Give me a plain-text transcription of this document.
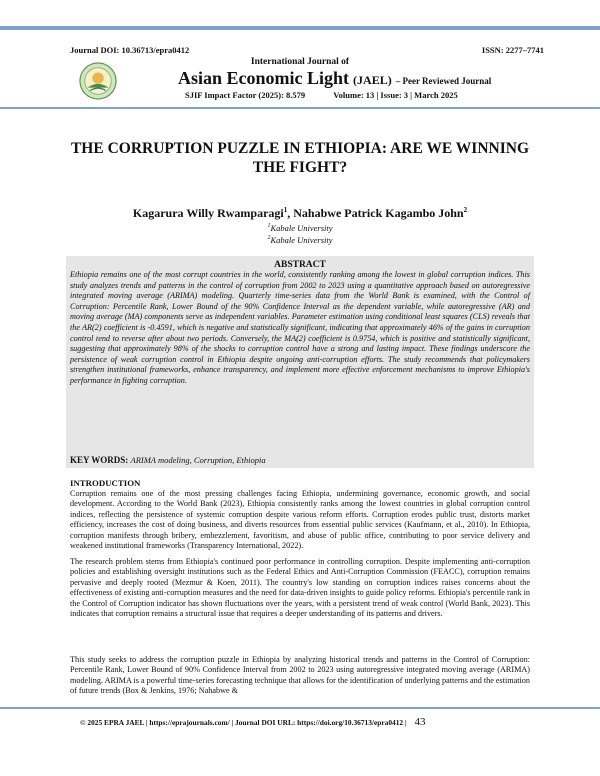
Journal DOI: 10.36713/epra0412	ISSN: 2277–7741
International Journal of
Asian Economic Light (JAEL) – Peer Reviewed Journal
SJIF Impact Factor (2025): 8.579	Volume: 13 | Issue: 3 | March 2025
THE CORRUPTION PUZZLE IN ETHIOPIA: ARE WE WINNING THE FIGHT?
Kagarura Willy Rwamparagi$^1$, Nahabwe Patrick Kagambo John$^2$
$^1$Kabale University
$^2$Kabale University
ABSTRACT
Ethiopia remains one of the most corrupt countries in the world, consistently ranking among the lowest in global corruption indices. This study analyzes trends and patterns in the control of corruption from 2002 to 2023 using a quantitative approach based on autoregressive integrated moving average (ARIMA) modeling. Quarterly time-series data from the World Bank is examined, with the Control of Corruption: Percentile Rank, Lower Bound of the 90% Confidence Interval as the dependent variable, while autoregressive (AR) and moving average (MA) components serve as independent variables. Parameter estimation using conditional least squares (CLS) reveals that the AR(2) coefficient is -0.4591, which is negative and statistically significant, indicating that approximately 46% of the gains in corruption control tend to reverse after about two periods. Conversely, the MA(2) coefficient is 0.9754, which is positive and statistically significant, suggesting that approximately 98% of the shocks to corruption control have a strong and lasting impact. These findings underscore the persistence of weak corruption control in Ethiopia despite ongoing anti-corruption efforts. The study recommends that policymakers strengthen institutional frameworks, enhance transparency, and implement more effective enforcement mechanisms to improve Ethiopia's performance in fighting corruption.
KEY WORDS: ARIMA modeling, Corruption, Ethiopia
INTRODUCTION
Corruption remains one of the most pressing challenges facing Ethiopia, undermining governance, economic growth, and social development. According to the World Bank (2023), Ethiopia consistently ranks among the lowest countries in global corruption control indices, reflecting the persistence of systemic corruption despite various reform efforts. Corruption erodes public trust, distorts market efficiency, increases the cost of doing business, and diverts resources from essential public services (Kaufmann, et al., 2010). In Ethiopia, corruption manifests through bribery, embezzlement, favoritism, and abuse of public office, contributing to poor service delivery and weakened institutional frameworks (Transparency International, 2022).
The research problem stems from Ethiopia's continued poor performance in controlling corruption. Despite implementing anti-corruption policies and establishing oversight institutions such as the Federal Ethics and Anti-Corruption Commission (FEACC), corruption remains pervasive and deeply rooted (Mezmur & Koen, 2011). The country's low standing on corruption indices raises concerns about the effectiveness of existing anti-corruption measures and the need for data-driven insights to guide policy reforms. Ethiopia's percentile rank in the Control of Corruption indicator has shown fluctuations over the years, with a persistent trend of weak control (World Bank, 2023). This indicates that corruption remains a structural issue that requires a deeper understanding of its patterns and drivers.
This study seeks to address the corruption puzzle in Ethiopia by analyzing historical trends and patterns in the Control of Corruption: Percentile Rank, Lower Bound of 90% Confidence Interval from 2002 to 2023 using autoregressive integrated moving average (ARIMA) modeling. ARIMA is a powerful time-series forecasting technique that allows for the identification of underlying patterns and the estimation of future trends (Box & Jenkins, 1976; Nahabwe &
© 2025 EPRA JAEL | https://eprajournals.com/ | Journal DOI URL: https://doi.org/10.36713/epra0412 | 43
